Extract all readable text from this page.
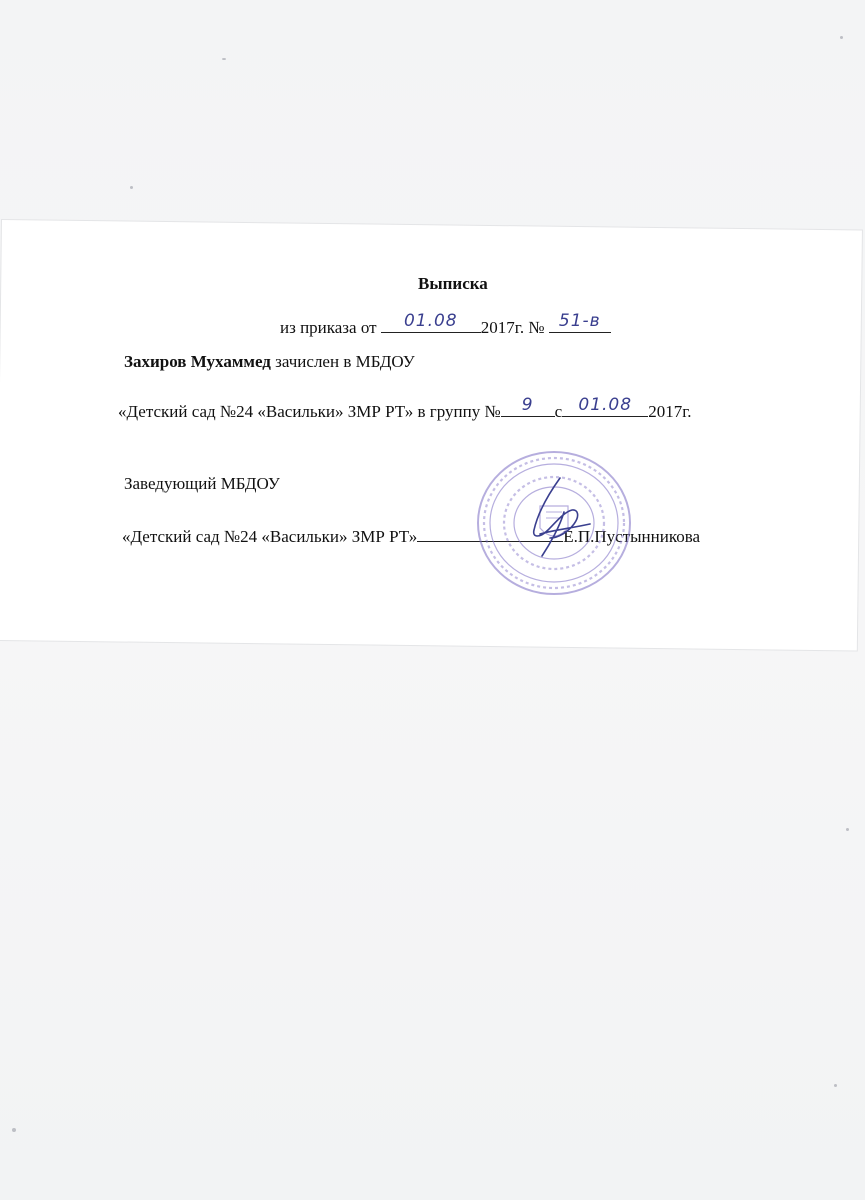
Выписка
из приказа от	01.08	2017г. № 51-в
Захиров Мухаммед зачислен в МБДОУ
«Детский сад №24 «Васильки» ЗМР РТ» в группу №	9	с 01.08 2017г.
Заведующий МБДОУ
«Детский сад №24 «Васильки» ЗМР РТ»	Е.П.Пустынникова
